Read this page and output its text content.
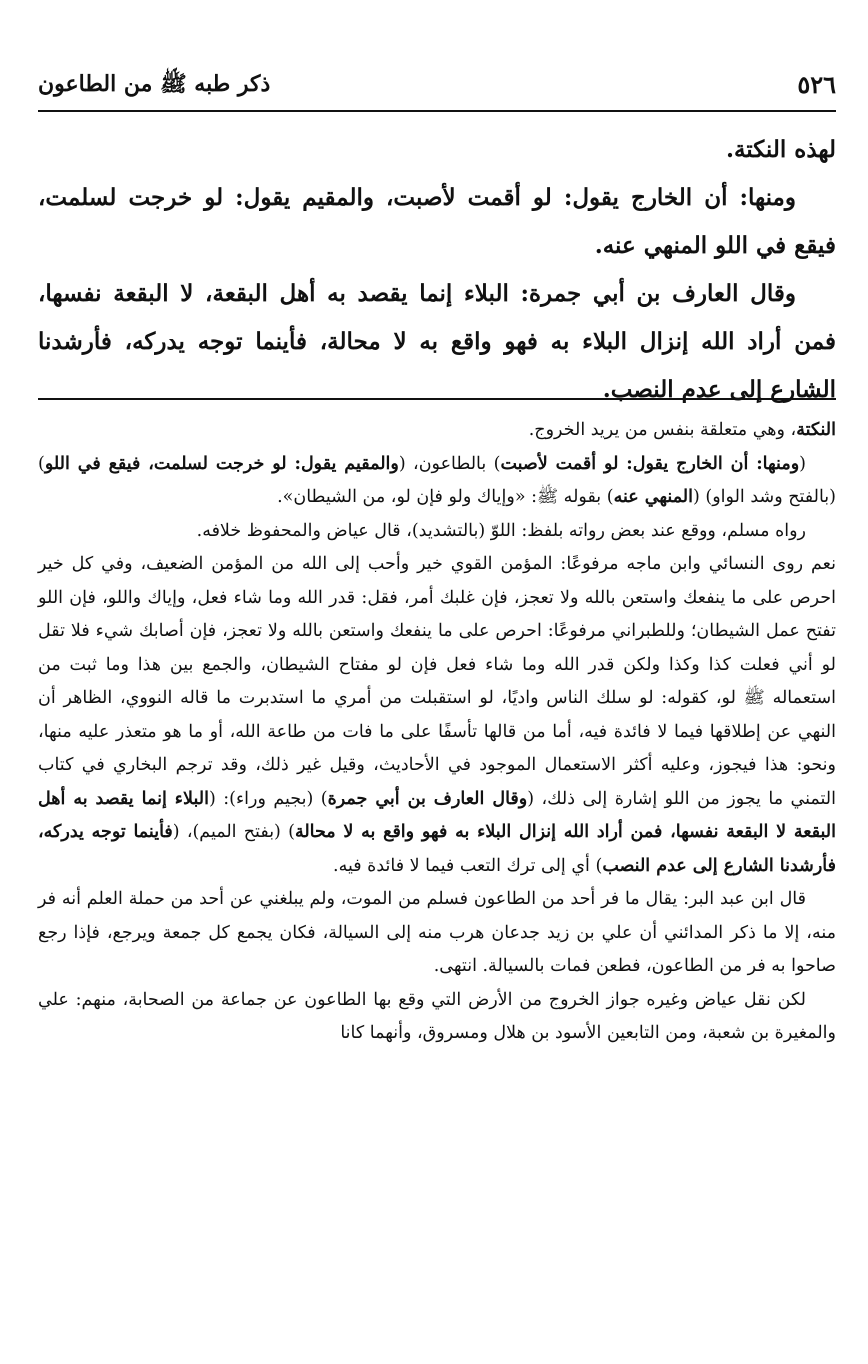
٥٢٦
ذكر طبه ﷺ من الطاعون

لهذه النكتة.

ومنها: أن الخارج يقول: لو أقمت لأصبت، والمقيم يقول: لو خرجت لسلمت، فيقع في اللو المنهي عنه.

وقال العارف بن أبي جمرة: البلاء إنما يقصد به أهل البقعة، لا البقعة نفسها، فمن أراد الله إنزال البلاء به فهو واقع به لا محالة، فأينما توجه يدركه، فأرشدنا الشارع إلى عدم النصب.

النكتة، وهي متعلقة بنفس من يريد الخروج.

(ومنها: أن الخارج يقول: لو أقمت لأصبت) بالطاعون، (والمقيم يقول: لو خرجت لسلمت، فيقع في اللو) (بالفتح وشد الواو) (المنهي عنه) بقوله ﷺ: «وإياك ولو فإن لو، من الشيطان».

رواه مسلم، ووقع عند بعض رواته بلفظ: اللوّ (بالتشديد)، قال عياض والمحفوظ خلافه.

نعم روى النسائي وابن ماجه مرفوعًا: المؤمن القوي خير وأحب إلى الله من المؤمن الضعيف، وفي كل خير احرص على ما ينفعك واستعن بالله ولا تعجز، فإن غلبك أمر، فقل: قدر الله وما شاء فعل، وإياك واللو، فإن اللو تفتح عمل الشيطان؛ وللطبراني مرفوعًا: احرص على ما ينفعك واستعن بالله ولا تعجز، فإن أصابك شيء فلا تقل لو أني فعلت كذا وكذا ولكن قدر الله وما شاء فعل فإن لو مفتاح الشيطان، والجمع بين هذا وما ثبت من استعماله ﷺ لو، كقوله: لو سلك الناس واديًا، لو استقبلت من أمري ما استدبرت ما قاله النووي، الظاهر أن النهي عن إطلاقها فيما لا فائدة فيه، أما من قالها تأسفًا على ما فات من طاعة الله، أو ما هو متعذر عليه منها، ونحو: هذا فيجوز، وعليه أكثر الاستعمال الموجود في الأحاديث، وقيل غير ذلك، وقد ترجم البخاري في كتاب التمني ما يجوز من اللو إشارة إلى ذلك، (وقال العارف بن أبي جمرة) (بجيم وراء): (البلاء إنما يقصد به أهل البقعة لا البقعة نفسها، فمن أراد الله إنزال البلاء به فهو واقع به لا محالة) (بفتح الميم)، (فأينما توجه يدركه، فأرشدنا الشارع إلى عدم النصب) أي إلى ترك التعب فيما لا فائدة فيه.

قال ابن عبد البر: يقال ما فر أحد من الطاعون فسلم من الموت، ولم يبلغني عن أحد من حملة العلم أنه فر منه، إلا ما ذكر المدائني أن علي بن زيد جدعان هرب منه إلى السيالة، فكان يجمع كل جمعة ويرجع، فإذا رجع صاحوا به فر من الطاعون، فطعن فمات بالسيالة. انتهى.

لكن نقل عياض وغيره جواز الخروج من الأرض التي وقع بها الطاعون عن جماعة من الصحابة، منهم: علي والمغيرة بن شعبة، ومن التابعين الأسود بن هلال ومسروق، وأنهما كانا
